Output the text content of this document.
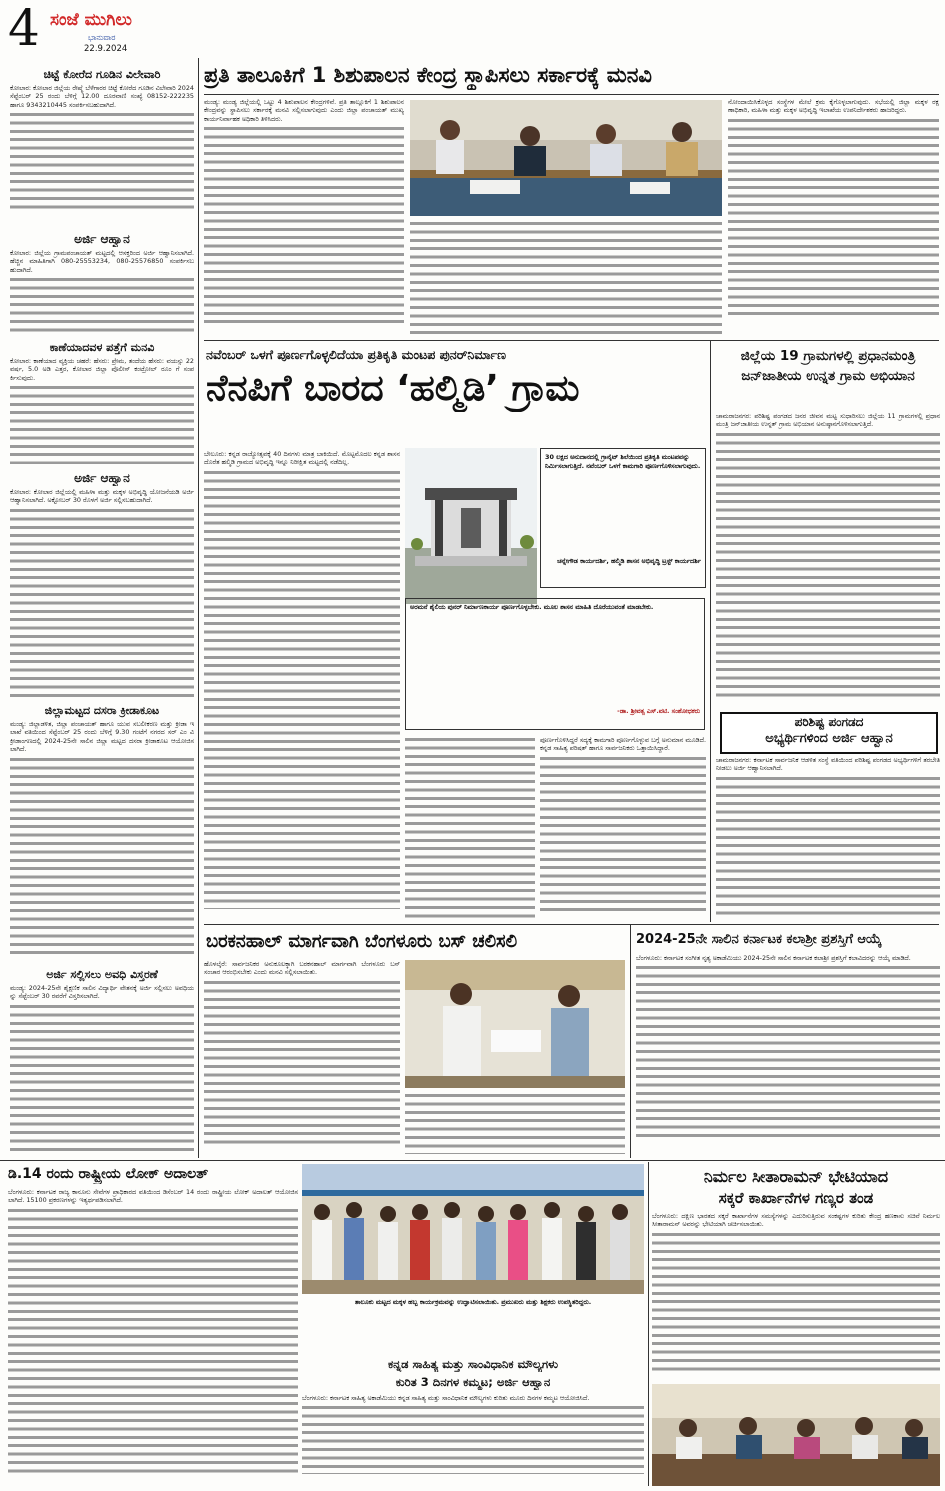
4 ಸಂಜೆ ಮುಗಿಲು
ಭಾನುವಾರ
22.9.2024
ಚಿಟ್ಟೆ ಕೋರೆದ ಗೂಡಿನ ವಿಲೇವಾರಿ
ಕೋಲಾರ: ಕೋಲಾರ ಜಿಲ್ಲೆಯ ರೇಷ್ಮೆ ಬೆಳೆಗಾರರ ಚಿಟ್ಟೆ ಕೋರೆದ ಗೂಡಿನ ವಿಲೇವಾರಿ 2024 ಸೆಪ್ಟೆಂಬರ್ 25 ರಂದು ಬೆಳಿಗ್ಗೆ 12.00 ದೂರವಾಣಿ ಸಂಖ್ಯೆ 08152-222235 ಹಾಗೂ 9343210445 ಸಂಪರ್ಕಿಸಬಹುದಾಗಿದೆ.
ಅರ್ಜಿ ಆಹ್ವಾನ
ಕೋಲಾರ: ಜಿಲ್ಲೆಯ ಗ್ರಾಮಪಂಚಾಯತ್ ಮಟ್ಟದಲ್ಲಿ ಆಸಕ್ತರಿಂದ ಅರ್ಜಿ ಆಹ್ವಾನಿಸಲಾಗಿದೆ. ಹೆಚ್ಚಿನ ಮಾಹಿತಿಗಾಗಿ 080-25553234, 080-25576850 ಸಂಪರ್ಕಿಸಬಹುದಾಗಿದೆ.
ಕಾಣೆಯಾದವಳ ಪತ್ತೆಗೆ ಮನವಿ
ಕೋಲಾರ: ಕಾಣೆಯಾದ ವ್ಯಕ್ತಿಯ ಚಹರೆ: ಹೆಸರು: ಪ್ರೇಮ, ತಂದೆಯ ಹೆಸರು: ವಯಸ್ಸು 22 ವರ್ಷ, 5.0 ಅಡಿ ಎತ್ತರ, ಕೋಲಾರ ಜಿಲ್ಲಾ ಪೊಲೀಸ್ ಕಂಟ್ರೋಲ್ ರೂಂ ಗೆ ಸಂಪರ್ಕಿಸುವುದು.
ಅರ್ಜಿ ಆಹ್ವಾನ
ಕೋಲಾರ: ಕೋಲಾರ ಜಿಲ್ಲೆಯಲ್ಲಿ ಮಹಿಳಾ ಮತ್ತು ಮಕ್ಕಳ ಅಭಿವೃದ್ಧಿ ಯೋಜನೆಯಡಿ ಅರ್ಜಿ ಆಹ್ವಾನಿಸಲಾಗಿದೆ. ಅಕ್ಟೋಬರ್ 30 ರೊಳಗೆ ಅರ್ಜಿ ಸಲ್ಲಿಸಬಹುದಾಗಿದೆ.
ಜಿಲ್ಲಾಮಟ್ಟದ ದಸರಾ ಕ್ರೀಡಾಕೂಟ
ಮಂಡ್ಯ: ಜಿಲ್ಲಾಡಳಿತ, ಜಿಲ್ಲಾ ಪಂಚಾಯತ್ ಹಾಗೂ ಯುವ ಸಬಲೀಕರಣ ಮತ್ತು ಕ್ರೀಡಾ ಇಲಾಖೆ ವತಿಯಿಂದ ಸೆಪ್ಟೆಂಬರ್ 25 ರಂದು ಬೆಳಿಗ್ಗೆ 9.30 ಗಂಟೆಗೆ ನಗರದ ಸರ್ ಎಂ ವಿ ಕ್ರೀಡಾಂಗಣದಲ್ಲಿ 2024-25ನೇ ಸಾಲಿನ ಜಿಲ್ಲಾ ಮಟ್ಟದ ದಸರಾ ಕ್ರೀಡಾಕೂಟ ಆಯೋಜಿಸಲಾಗಿದೆ.
ಅರ್ಜಿ ಸಲ್ಲಿಸಲು ಅವಧಿ ವಿಸ್ತರಣೆ
ಮಂಡ್ಯ: 2024-25ನೇ ಶೈಕ್ಷಣಿಕ ಸಾಲಿನ ವಿದ್ಯಾರ್ಥಿ ವೇತನಕ್ಕೆ ಅರ್ಜಿ ಸಲ್ಲಿಸಲು ಅವಧಿಯನ್ನು ಸೆಪ್ಟೆಂಬರ್ 30 ರವರೆಗೆ ವಿಸ್ತರಿಸಲಾಗಿದೆ.
ಪ್ರತಿ ತಾಲೂಕಿಗೆ 1 ಶಿಶುಪಾಲನ ಕೇಂದ್ರ ಸ್ಥಾಪಿಸಲು ಸರ್ಕಾರಕ್ಕೆ ಮನವಿ
ಮಂಡ್ಯ: ಮಂಡ್ಯ ಜಿಲ್ಲೆಯಲ್ಲಿ ಒಟ್ಟು 4 ಶಿಶುಪಾಲನ ಕೇಂದ್ರಗಳಿವೆ. ಪ್ರತಿ ತಾಲ್ಲೂಕಿಗೆ 1 ಶಿಶುಪಾಲನ ಕೇಂದ್ರವನ್ನು ಸ್ಥಾಪಿಸಲು ಸರ್ಕಾರಕ್ಕೆ ಮನವಿ ಸಲ್ಲಿಸಲಾಗುವುದು ಎಂದು ಜಿಲ್ಲಾ ಪಂಚಾಯತ್ ಮುಖ್ಯ ಕಾರ್ಯನಿರ್ವಾಹಕ ಅಧಿಕಾರಿ ತಿಳಿಸಿದರು.
ನೋಂದಾಯಿಸಿಕೊಳ್ಳದ ಸಂಸ್ಥೆಗಳ ಮೇಲೆ ಕ್ರಮ ಕೈಗೊಳ್ಳಲಾಗುವುದು. ಸಭೆಯಲ್ಲಿ ಜಿಲ್ಲಾ ಮಕ್ಕಳ ರಕ್ಷಣಾಧಿಕಾರಿ, ಮಹಿಳಾ ಮತ್ತು ಮಕ್ಕಳ ಅಭಿವೃದ್ಧಿ ಇಲಾಖೆಯ ಉಪನಿರ್ದೇಶಕರು ಹಾಜರಿದ್ದರು.
ನವೆಂಬರ್ ಒಳಗೆ ಪೂರ್ಣಗೊಳ್ಳಲಿದೆಯಾ ಪ್ರತಿಕೃತಿ ಮಂಟಪ ಪುನರ್‌ನಿರ್ಮಾಣ
ನೆನಪಿಗೆ ಬಾರದ ‘ಹಲ್ಮಿಡಿ’ ಗ್ರಾಮ
ಬೇಲೂರು: ಕನ್ನಡ ರಾಜ್ಯೋತ್ಸವಕ್ಕೆ 40 ದಿನಗಳು ಮಾತ್ರ ಬಾಕಿಯಿದೆ. ಮೊಟ್ಟಮೊದಲ ಕನ್ನಡ ಶಾಸನ ದೊರೆತ ಹಲ್ಮಿಡಿ ಗ್ರಾಮದ ಅಭಿವೃದ್ಧಿ ಇನ್ನೂ ನಿರೀಕ್ಷಿತ ಮಟ್ಟದಲ್ಲಿ ನಡೆದಿಲ್ಲ.
30 ಲಕ್ಷದ ಅನುದಾನದಲ್ಲಿ ಗ್ರಾನೈಟ್ ಶಿಲೆಯಿಂದ ಪ್ರತಿಕೃತಿ ಮಂಟಪವನ್ನು ನಿರ್ಮಿಸಲಾಗುತ್ತಿದೆ. ನವೆಂಬರ್ ಒಳಗೆ ಕಾಮಗಾರಿ ಪೂರ್ಣಗೊಳಿಸಲಾಗುವುದು.
ಚನ್ನೇಗೌಡ ಕಾರ್ಯದರ್ಶಿ, ಹಲ್ಮಿಡಿ ಶಾಸನ ಅಭಿವೃದ್ಧಿ ಟ್ರಸ್ಟ್ ಕಾರ್ಯದರ್ಶಿ
ಅರಮನೆ ಶೈಲಿಯ ಪುನರ್ ನಿರ್ಮಾಣಕಾರ್ಯ ಪೂರ್ಣಗೊಳ್ಳಬೇಕು. ಮೂಲ ಶಾಸನ ಮಾಹಿತಿ ದೊರೆಯುವಂತೆ ಮಾಡಬೇಕು.
-ಡಾ. ಶ್ರೀವತ್ಸ ಎಸ್.ವಟಿ. ಸಂಶೋಧಕರು
ಪೂರ್ಣಗೊಳಿಸಿದ್ದರೆ ಸದ್ಯಕ್ಕೆ ಕಾಮಗಾರಿ ಪೂರ್ಣಗೊಳ್ಳುವ ಬಗ್ಗೆ ಅನುಮಾನ ಮೂಡಿದೆ. ಕನ್ನಡ ಸಾಹಿತ್ಯ ಪರಿಷತ್ ಹಾಗೂ ಸಾರ್ವಜನಿಕರು ಒತ್ತಾಯಿಸಿದ್ದಾರೆ.
ಜಿಲ್ಲೆಯ 19 ಗ್ರಾಮಗಳಲ್ಲಿ ಪ್ರಧಾನಮಂತ್ರಿ ಜನ್‌ಜಾತೀಯ ಉನ್ನತ ಗ್ರಾಮ ಅಭಿಯಾನ
ಚಾಮರಾಜನಗರ: ಪರಿಶಿಷ್ಟ ಪಂಗಡದ ಜನರ ಜೀವನ ಮಟ್ಟ ಸುಧಾರಿಸಲು ಜಿಲ್ಲೆಯ 11 ಗ್ರಾಮಗಳಲ್ಲಿ ಪ್ರಧಾನಮಂತ್ರಿ ಜನ್‌ಜಾತೀಯ ಉನ್ನತ್ ಗ್ರಾಮ ಅಭಿಯಾನ ಅನುಷ್ಠಾನಗೊಳಿಸಲಾಗುತ್ತಿದೆ.
ಪರಿಶಿಷ್ಟ ಪಂಗಡದ
ಅಭ್ಯರ್ಥಿಗಳಿಂದ ಅರ್ಜಿ ಆಹ್ವಾನ
ಚಾಮರಾಜನಗರ: ಕರ್ನಾಟಕ ಸಾರ್ವಜನಿಕ ಆಡಳಿತ ಸಂಸ್ಥೆ ವತಿಯಿಂದ ಪರಿಶಿಷ್ಟ ಪಂಗಡದ ಅಭ್ಯರ್ಥಿಗಳಿಗೆ ತರಬೇತಿ ನೀಡಲು ಅರ್ಜಿ ಆಹ್ವಾನಿಸಲಾಗಿದೆ.
ಬರಕನಹಾಲ್ ಮಾರ್ಗವಾಗಿ ಬೆಂಗಳೂರು ಬಸ್ ಚಲಿಸಲಿ
ಹೊಳಲ್ಕೆರೆ: ಸಾರ್ವಜನಿಕರ ಅನುಕೂಲಕ್ಕಾಗಿ ಬರಕನಹಾಲ್ ಮಾರ್ಗವಾಗಿ ಬೆಂಗಳೂರು ಬಸ್ ಸಂಚಾರ ಆರಂಭಿಸಬೇಕು ಎಂದು ಮನವಿ ಸಲ್ಲಿಸಲಾಯಿತು.
2024-25ನೇ ಸಾಲಿನ ಕರ್ನಾಟಕ ಕಲಾಶ್ರೀ ಪ್ರಶಸ್ತಿಗೆ ಆಯ್ಕೆ
ಬೆಂಗಳೂರು: ಕರ್ನಾಟಕ ಸಂಗೀತ ನೃತ್ಯ ಅಕಾಡೆಮಿಯು 2024-25ನೇ ಸಾಲಿನ ಕರ್ನಾಟಕ ಕಲಾಶ್ರೀ ಪ್ರಶಸ್ತಿಗೆ ಕಲಾವಿದರನ್ನು ಆಯ್ಕೆ ಮಾಡಿದೆ.
ಡಿ.14 ರಂದು ರಾಷ್ಟ್ರೀಯ ಲೋಕ್ ಅದಾಲತ್
ಬೆಂಗಳೂರು: ಕರ್ನಾಟಕ ರಾಜ್ಯ ಕಾನೂನು ಸೇವೆಗಳ ಪ್ರಾಧಿಕಾರದ ವತಿಯಿಂದ ಡಿಸೆಂಬರ್ 14 ರಂದು ರಾಷ್ಟ್ರೀಯ ಲೋಕ್ ಅದಾಲತ್ ಆಯೋಜಿಸಲಾಗಿದೆ. 15100 ಪ್ರಕರಣಗಳನ್ನು ಇತ್ಯರ್ಥಪಡಿಸಲಾಗಿದೆ.
ತಾಲೂಕು ಮಟ್ಟದ ಮಕ್ಕಳ ಹಬ್ಬ ಕಾರ್ಯಕ್ರಮವನ್ನು ಉದ್ಘಾಟಿಸಲಾಯಿತು. ಪ್ರಮುಖರು ಮತ್ತು ಶಿಕ್ಷಕರು ಉಪಸ್ಥಿತರಿದ್ದರು.
ಕನ್ನಡ ಸಾಹಿತ್ಯ ಮತ್ತು ಸಾಂವಿಧಾನಿಕ ಮೌಲ್ಯಗಳು
ಕುರಿತ 3 ದಿನಗಳ ಕಮ್ಮಟ; ಅರ್ಜಿ ಆಹ್ವಾನ
ಬೆಂಗಳೂರು: ಕರ್ನಾಟಕ ಸಾಹಿತ್ಯ ಅಕಾಡೆಮಿಯು ಕನ್ನಡ ಸಾಹಿತ್ಯ ಮತ್ತು ಸಾಂವಿಧಾನಿಕ ಮೌಲ್ಯಗಳು ಕುರಿತು ಮೂರು ದಿನಗಳ ಕಮ್ಮಟ ಆಯೋಜಿಸಿದೆ.
ನಿರ್ಮಲ ಸೀತಾರಾಮನ್ ಭೇಟಿಯಾದ
ಸಕ್ಕರೆ ಕಾರ್ಖಾನೆಗಳ ಗಣ್ಯರ ತಂಡ
ಬೆಂಗಳೂರು: ದಕ್ಷಿಣ ಭಾರತದ ಸಕ್ಕರೆ ಕಾರ್ಖಾನೆಗಳ ಸಮಸ್ಯೆಗಳನ್ನು ಎದುರಿಸುತ್ತಿರುವ ಸಂಕಷ್ಟಗಳ ಕುರಿತು ಕೇಂದ್ರ ಹಣಕಾಸು ಸಚಿವೆ ನಿರ್ಮಲ ಸೀತಾರಾಮನ್ ಅವರನ್ನು ಭೇಟಿಯಾಗಿ ಚರ್ಚಿಸಲಾಯಿತು.
